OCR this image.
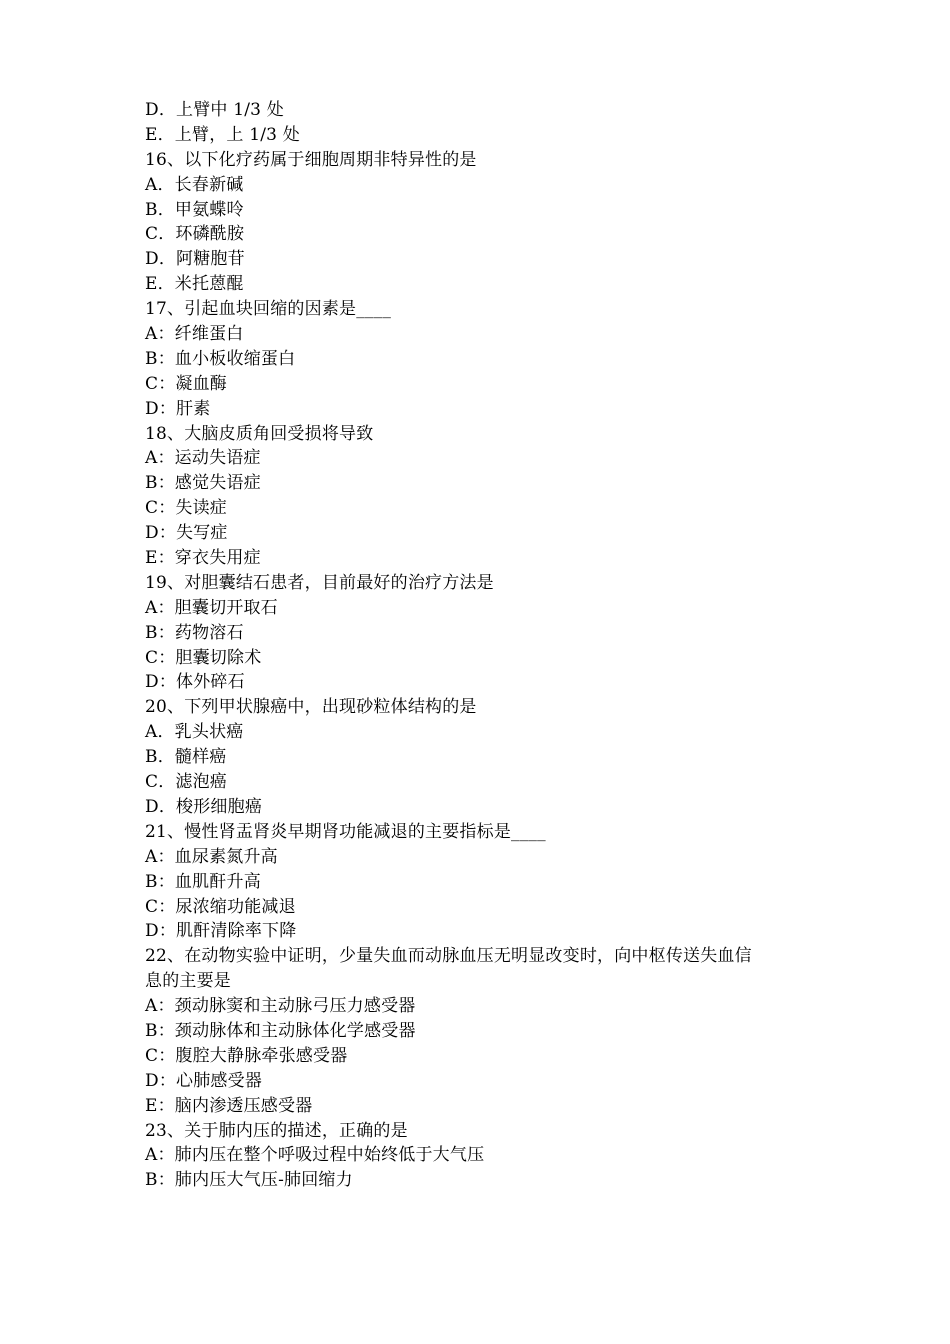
D．上臂中 1/3 处
E．上臂，上 1/3 处
16、以下化疗药属于细胞周期非特异性的是
A．长春新碱
B．甲氨蝶呤
C．环磷酰胺
D．阿糖胞苷
E．米托蒽醌
17、引起血块回缩的因素是____
A：纤维蛋白
B：血小板收缩蛋白
C：凝血酶
D：肝素
18、大脑皮质角回受损将导致
A：运动失语症
B：感觉失语症
C：失读症
D：失写症
E：穿衣失用症
19、对胆囊结石患者，目前最好的治疗方法是
A：胆囊切开取石
B：药物溶石
C：胆囊切除术
D：体外碎石
20、下列甲状腺癌中，出现砂粒体结构的是
A．乳头状癌
B．髓样癌
C．滤泡癌
D．梭形细胞癌
21、慢性肾盂肾炎早期肾功能减退的主要指标是____
A：血尿素氮升高
B：血肌酐升高
C：尿浓缩功能减退
D：肌酐清除率下降
22、在动物实验中证明，少量失血而动脉血压无明显改变时，向中枢传送失血信
息的主要是
A：颈动脉窦和主动脉弓压力感受器
B：颈动脉体和主动脉体化学感受器
C：腹腔大静脉牵张感受器
D：心肺感受器
E：脑内渗透压感受器
23、关于肺内压的描述，正确的是
A：肺内压在整个呼吸过程中始终低于大气压
B：肺内压大气压-肺回缩力
